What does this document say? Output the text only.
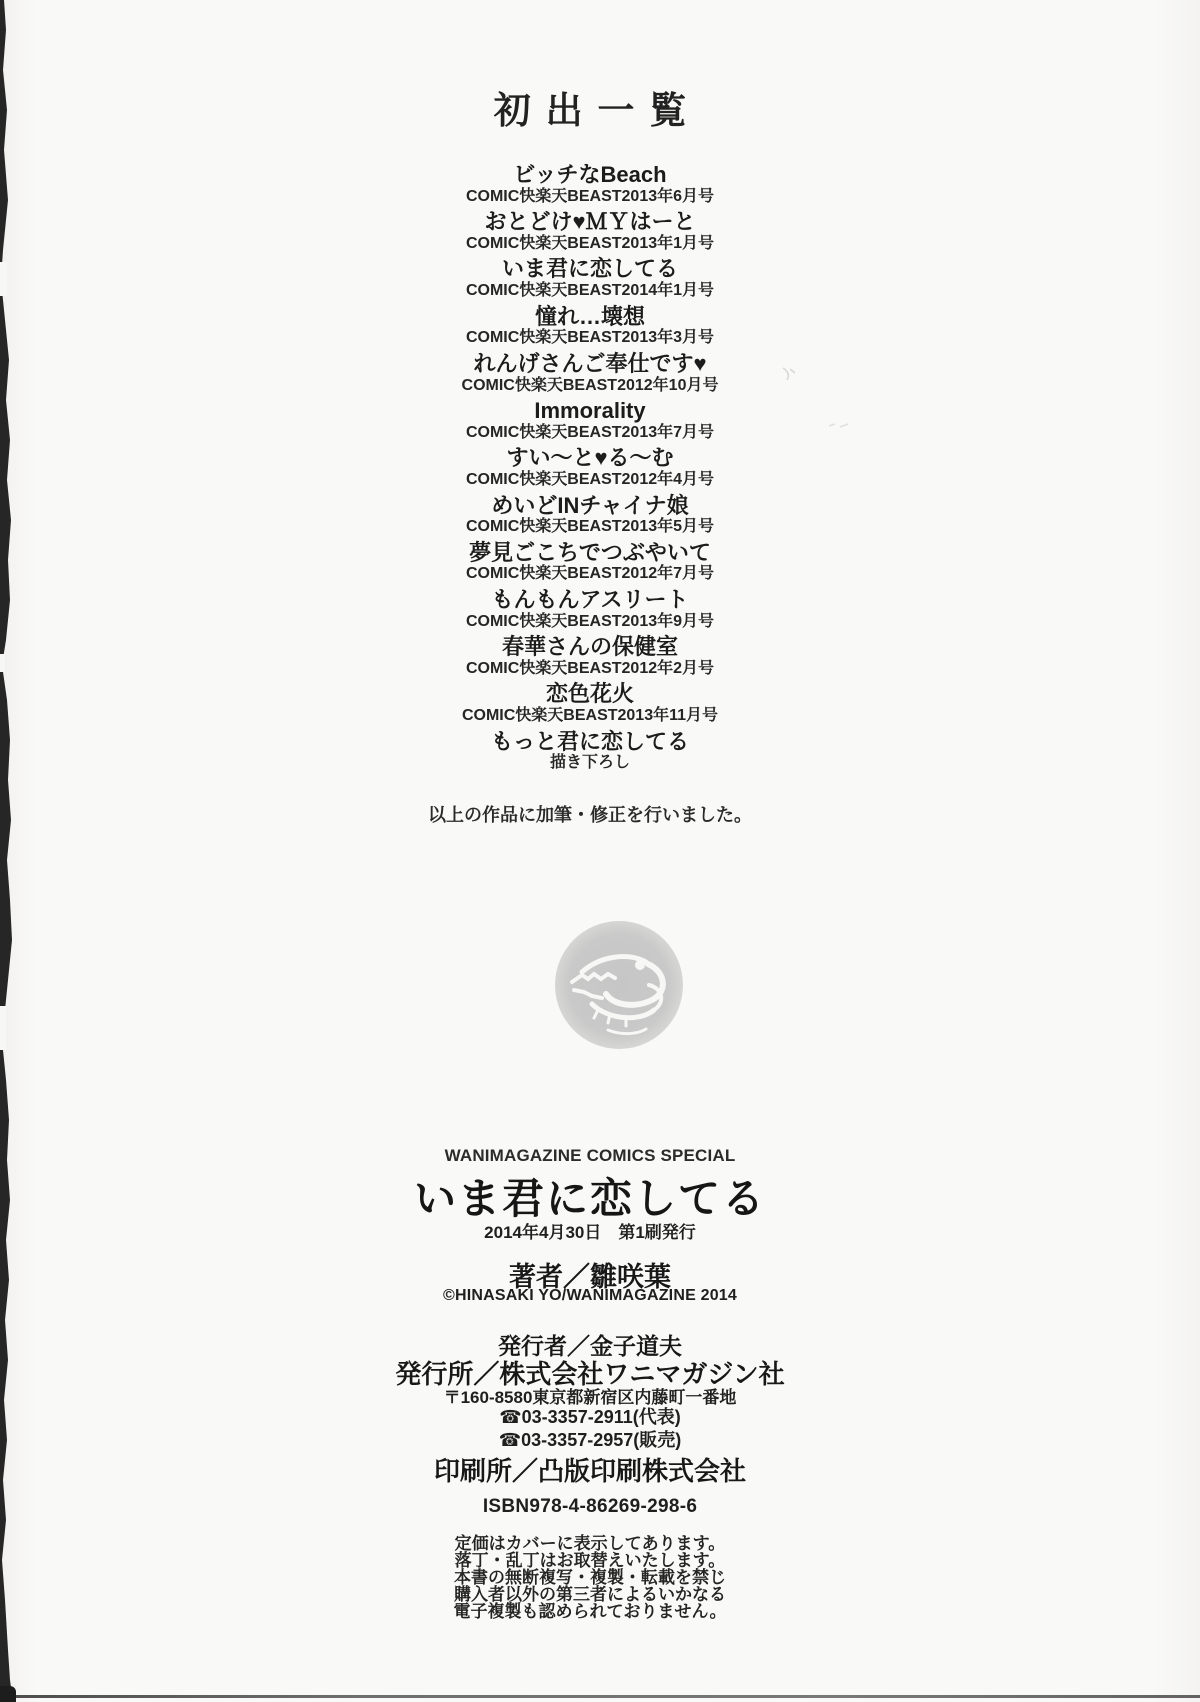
初出一覧
ビッチなBeach
COMIC快楽天BEAST2013年6月号
おとどけ♥ＭＹはーと
COMIC快楽天BEAST2013年1月号
いま君に恋してる
COMIC快楽天BEAST2014年1月号
憧れ…壊想
COMIC快楽天BEAST2013年3月号
れんげさんご奉仕です♥
COMIC快楽天BEAST2012年10月号
Immorality
COMIC快楽天BEAST2013年7月号
すい〜と♥る〜む
COMIC快楽天BEAST2012年4月号
めいどINチャイナ娘
COMIC快楽天BEAST2013年5月号
夢見ごこちでつぶやいて
COMIC快楽天BEAST2012年7月号
もんもんアスリート
COMIC快楽天BEAST2013年9月号
春華さんの保健室
COMIC快楽天BEAST2012年2月号
恋色花火
COMIC快楽天BEAST2013年11月号
もっと君に恋してる
描き下ろし
以上の作品に加筆・修正を行いました。
WANIMAGAZINE COMICS SPECIAL
いま君に恋してる
2014年4月30日　第1刷発行
著者／雛咲葉
©HINASAKI YO/WANIMAGAZINE 2014
発行者／金子道夫
発行所／株式会社ワニマガジン社
〒160-8580東京都新宿区内藤町一番地
☎03-3357-2911(代表)
☎03-3357-2957(販売)
印刷所／凸版印刷株式会社
ISBN978-4-86269-298-6
定価はカバーに表示してあります。
落丁・乱丁はお取替えいたします。
本書の無断複写・複製・転載を禁じ
購入者以外の第三者によるいかなる
電子複製も認められておりません。
